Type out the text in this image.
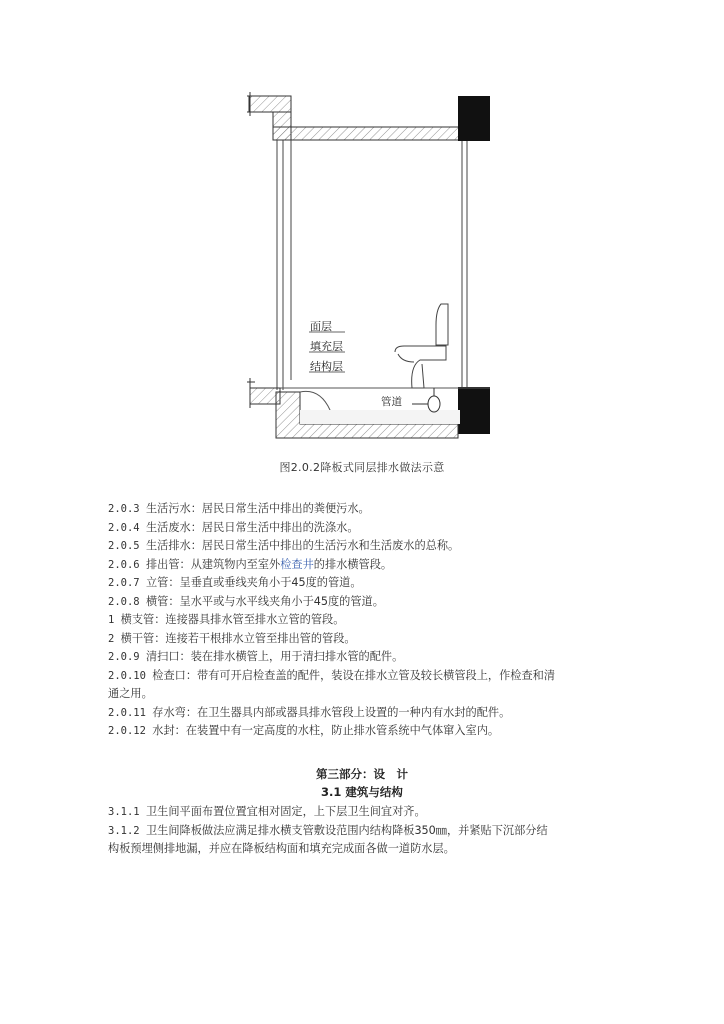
面层
填充层
结构层
管道
图2.0.2降板式同层排水做法示意
2.0.3 生活污水：居民日常生活中排出的粪便污水。
2.0.4 生活废水：居民日常生活中排出的洗涤水。
2.0.5 生活排水：居民日常生活中排出的生活污水和生活废水的总称。
2.0.6 排出管：从建筑物内至室外检查井的排水横管段。
2.0.7 立管：呈垂直或垂线夹角小于45度的管道。
2.0.8 横管：呈水平或与水平线夹角小于45度的管道。
1 横支管：连接器具排水管至排水立管的管段。
2 横干管：连接若干根排水立管至排出管的管段。
2.0.9 清扫口：装在排水横管上，用于清扫排水管的配件。
2.0.10 检查口：带有可开启检查盖的配件，装设在排水立管及较长横管段上，作检查和清
通之用。
2.0.11 存水弯：在卫生器具内部或器具排水管段上设置的一种内有水封的配件。
2.0.12 水封：在装置中有一定高度的水柱，防止排水管系统中气体窜入室内。
第三部分：设　计
3.1 建筑与结构
3.1.1 卫生间平面布置位置宜相对固定，上下层卫生间宜对齐。
3.1.2 卫生间降板做法应满足排水横支管敷设范围内结构降板350㎜，并紧贴下沉部分结
构板预埋侧排地漏，并应在降板结构面和填充完成面各做一道防水层。
